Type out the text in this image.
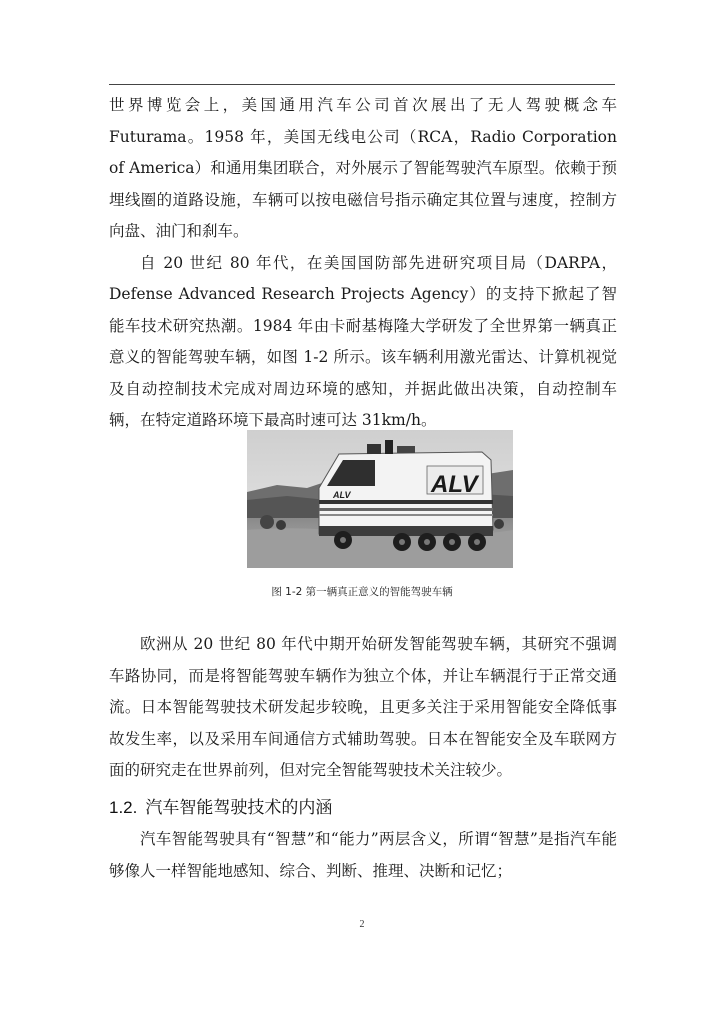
世界博览会上，美国通用汽车公司首次展出了无人驾驶概念车Futurama。1958 年，美国无线电公司（RCA，Radio Corporation of America）和通用集团联合，对外展示了智能驾驶汽车原型。依赖于预埋线圈的道路设施，车辆可以按电磁信号指示确定其位置与速度，控制方向盘、油门和刹车。

自 20 世纪 80 年代，在美国国防部先进研究项目局（DARPA，Defense Advanced Research Projects Agency）的支持下掀起了智能车技术研究热潮。1984 年由卡耐基梅隆大学研发了全世界第一辆真正意义的智能驾驶车辆，如图 1-2 所示。该车辆利用激光雷达、计算机视觉及自动控制技术完成对周边环境的感知，并据此做出决策，自动控制车辆，在特定道路环境下最高时速可达 31km/h。

ALV	ALV
图 1-2 第一辆真正意义的智能驾驶车辆

欧洲从 20 世纪 80 年代中期开始研发智能驾驶车辆，其研究不强调车路协同，而是将智能驾驶车辆作为独立个体，并让车辆混行于正常交通流。日本智能驾驶技术研发起步较晚，且更多关注于采用智能安全降低事故发生率，以及采用车间通信方式辅助驾驶。日本在智能安全及车联网方面的研究走在世界前列，但对完全智能驾驶技术关注较少。

1.2. 汽车智能驾驶技术的内涵

汽车智能驾驶具有“智慧”和“能力”两层含义，所谓“智慧”是指汽车能够像人一样智能地感知、综合、判断、推理、决断和记忆；

2
